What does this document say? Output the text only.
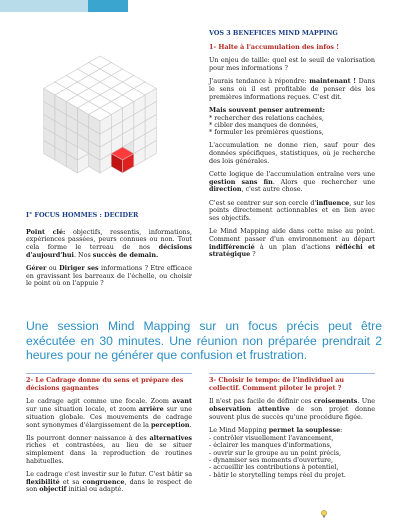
I° FOCUS HOMMES : DECIDER

Point clé: objectifs, ressentis, informations, expériences passées, peurs connues ou non. Tout cela forme le terreau de nos décisions d'aujourd'hui. Nos succès de demain.

Gérer ou Diriger ses informations ? Etre efficace en gravissant les barreaux de l'échelle, ou choisir le point où on l'appuie ?

VOS 3 BENEFICES MIND MAPPING

1- Halte à l'accumulation des infos !

Un enjeu de taille: quel est le seuil de valorisation pour mes informations ?

J'aurais tendance à répondre: maintenant ! Dans le sens où il est profitable de penser dès les premières informations reçues. C'est dit.

Mais souvent penser autrement:

* rechercher des relations cachées,
* cibler des manques de données,
* formuler les premières questions,

L'accumulation ne donne rien, sauf pour des données spécifiques, statistiques, où je recherche des lois générales.

Cette logique de l'accumulation entraîne vers une gestion sans fin. Alors que rechercher une direction, c'est autre chose.

C'est se centrer sur son cercle d'influence, sur les points directement actionnables et en lien avec ses objectifs.

Le Mind Mapping aide dans cette mise au point. Comment passer d'un environnement au départ indifférencié à un plan d'actions réfléchi et stratégique ?

Une session Mind Mapping sur un focus précis peut être exécutée en 30 minutes. Une réunion non préparée prendrait 2 heures pour ne générer que confusion et frustration.

2- Le Cadrage donne du sens et prépare des décisions gagnantes

Le cadrage agit comme une focale. Zoom avant sur une situation locale, et zoom arrière sur une situation globale. Ces mouvements de cadrage sont synonymes d'élargissement de la perception.

Ils pourront donner naissance à des alternatives riches et contrastées, au lieu de se situer simplement dans la reproduction de routines habituelles.

Le cadrage c'est investir sur le futur. C'est bâtir sa flexibilité et sa congruence, dans le respect de son objectif initial ou adapté.

3- Choisir le tempo: de l'individuel au collectif. Comment piloter le projet ?

Il n'est pas facile de définir ces croisements. Une observation attentive de son projet donne souvent plus de succès qu'une procédure figée.

Le Mind Mapping permet la souplesse:

- contrôler visuellement l'avancement,
- éclairer les manques d'informations,
- ouvrir sur le groupe au un point précis,
- dynamiser ses moments d'ouverture,
- accueillir les contributions à potentiel,
- bâtir le storytelling temps réel du projet.
